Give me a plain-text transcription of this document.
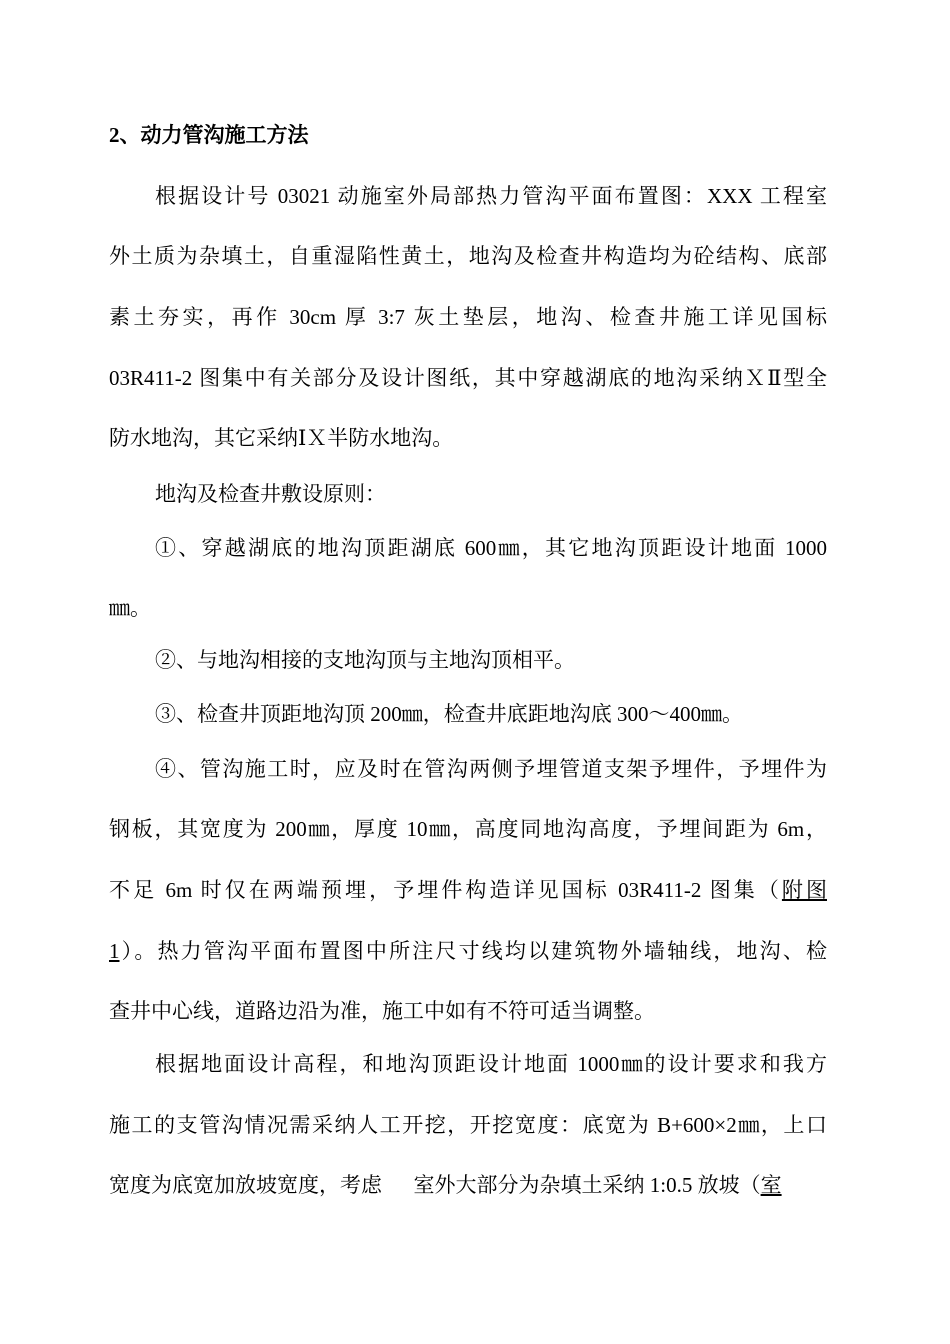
2、动力管沟施工方法
根据设计号 03021 动施室外局部热力管沟平面布置图：XXX 工程室
外土质为杂填土，自重湿陷性黄土，地沟及检查井构造均为砼结构、底部
素土夯实，再作 30cm 厚 3:7 灰土垫层，地沟、检查井施工详见国标
03R411-2 图集中有关部分及设计图纸，其中穿越湖底的地沟采纳ＸⅡ型全
防水地沟，其它采纳ⅠＸ半防水地沟。
地沟及检查井敷设原则：
①、穿越湖底的地沟顶距湖底 600㎜，其它地沟顶距设计地面 1000
㎜。
②、与地沟相接的支地沟顶与主地沟顶相平。
③、检查井顶距地沟顶 200㎜，检查井底距地沟底 300～400㎜。
④、管沟施工时，应及时在管沟两侧予埋管道支架予埋件，予埋件为
钢板，其宽度为 200㎜，厚度 10㎜，高度同地沟高度，予埋间距为 6m，
不足 6m 时仅在两端预埋，予埋件构造详见国标 03R411-2 图集（附图
1）。热力管沟平面布置图中所注尺寸线均以建筑物外墙轴线，地沟、检
查井中心线，道路边沿为准，施工中如有不符可适当调整。
根据地面设计高程，和地沟顶距设计地面 1000㎜的设计要求和我方
施工的支管沟情况需采纳人工开挖，开挖宽度：底宽为 B+600×2㎜，上口
宽度为底宽加放坡宽度，考虑      室外大部分为杂填土采纳 1:0.5 放坡（室
